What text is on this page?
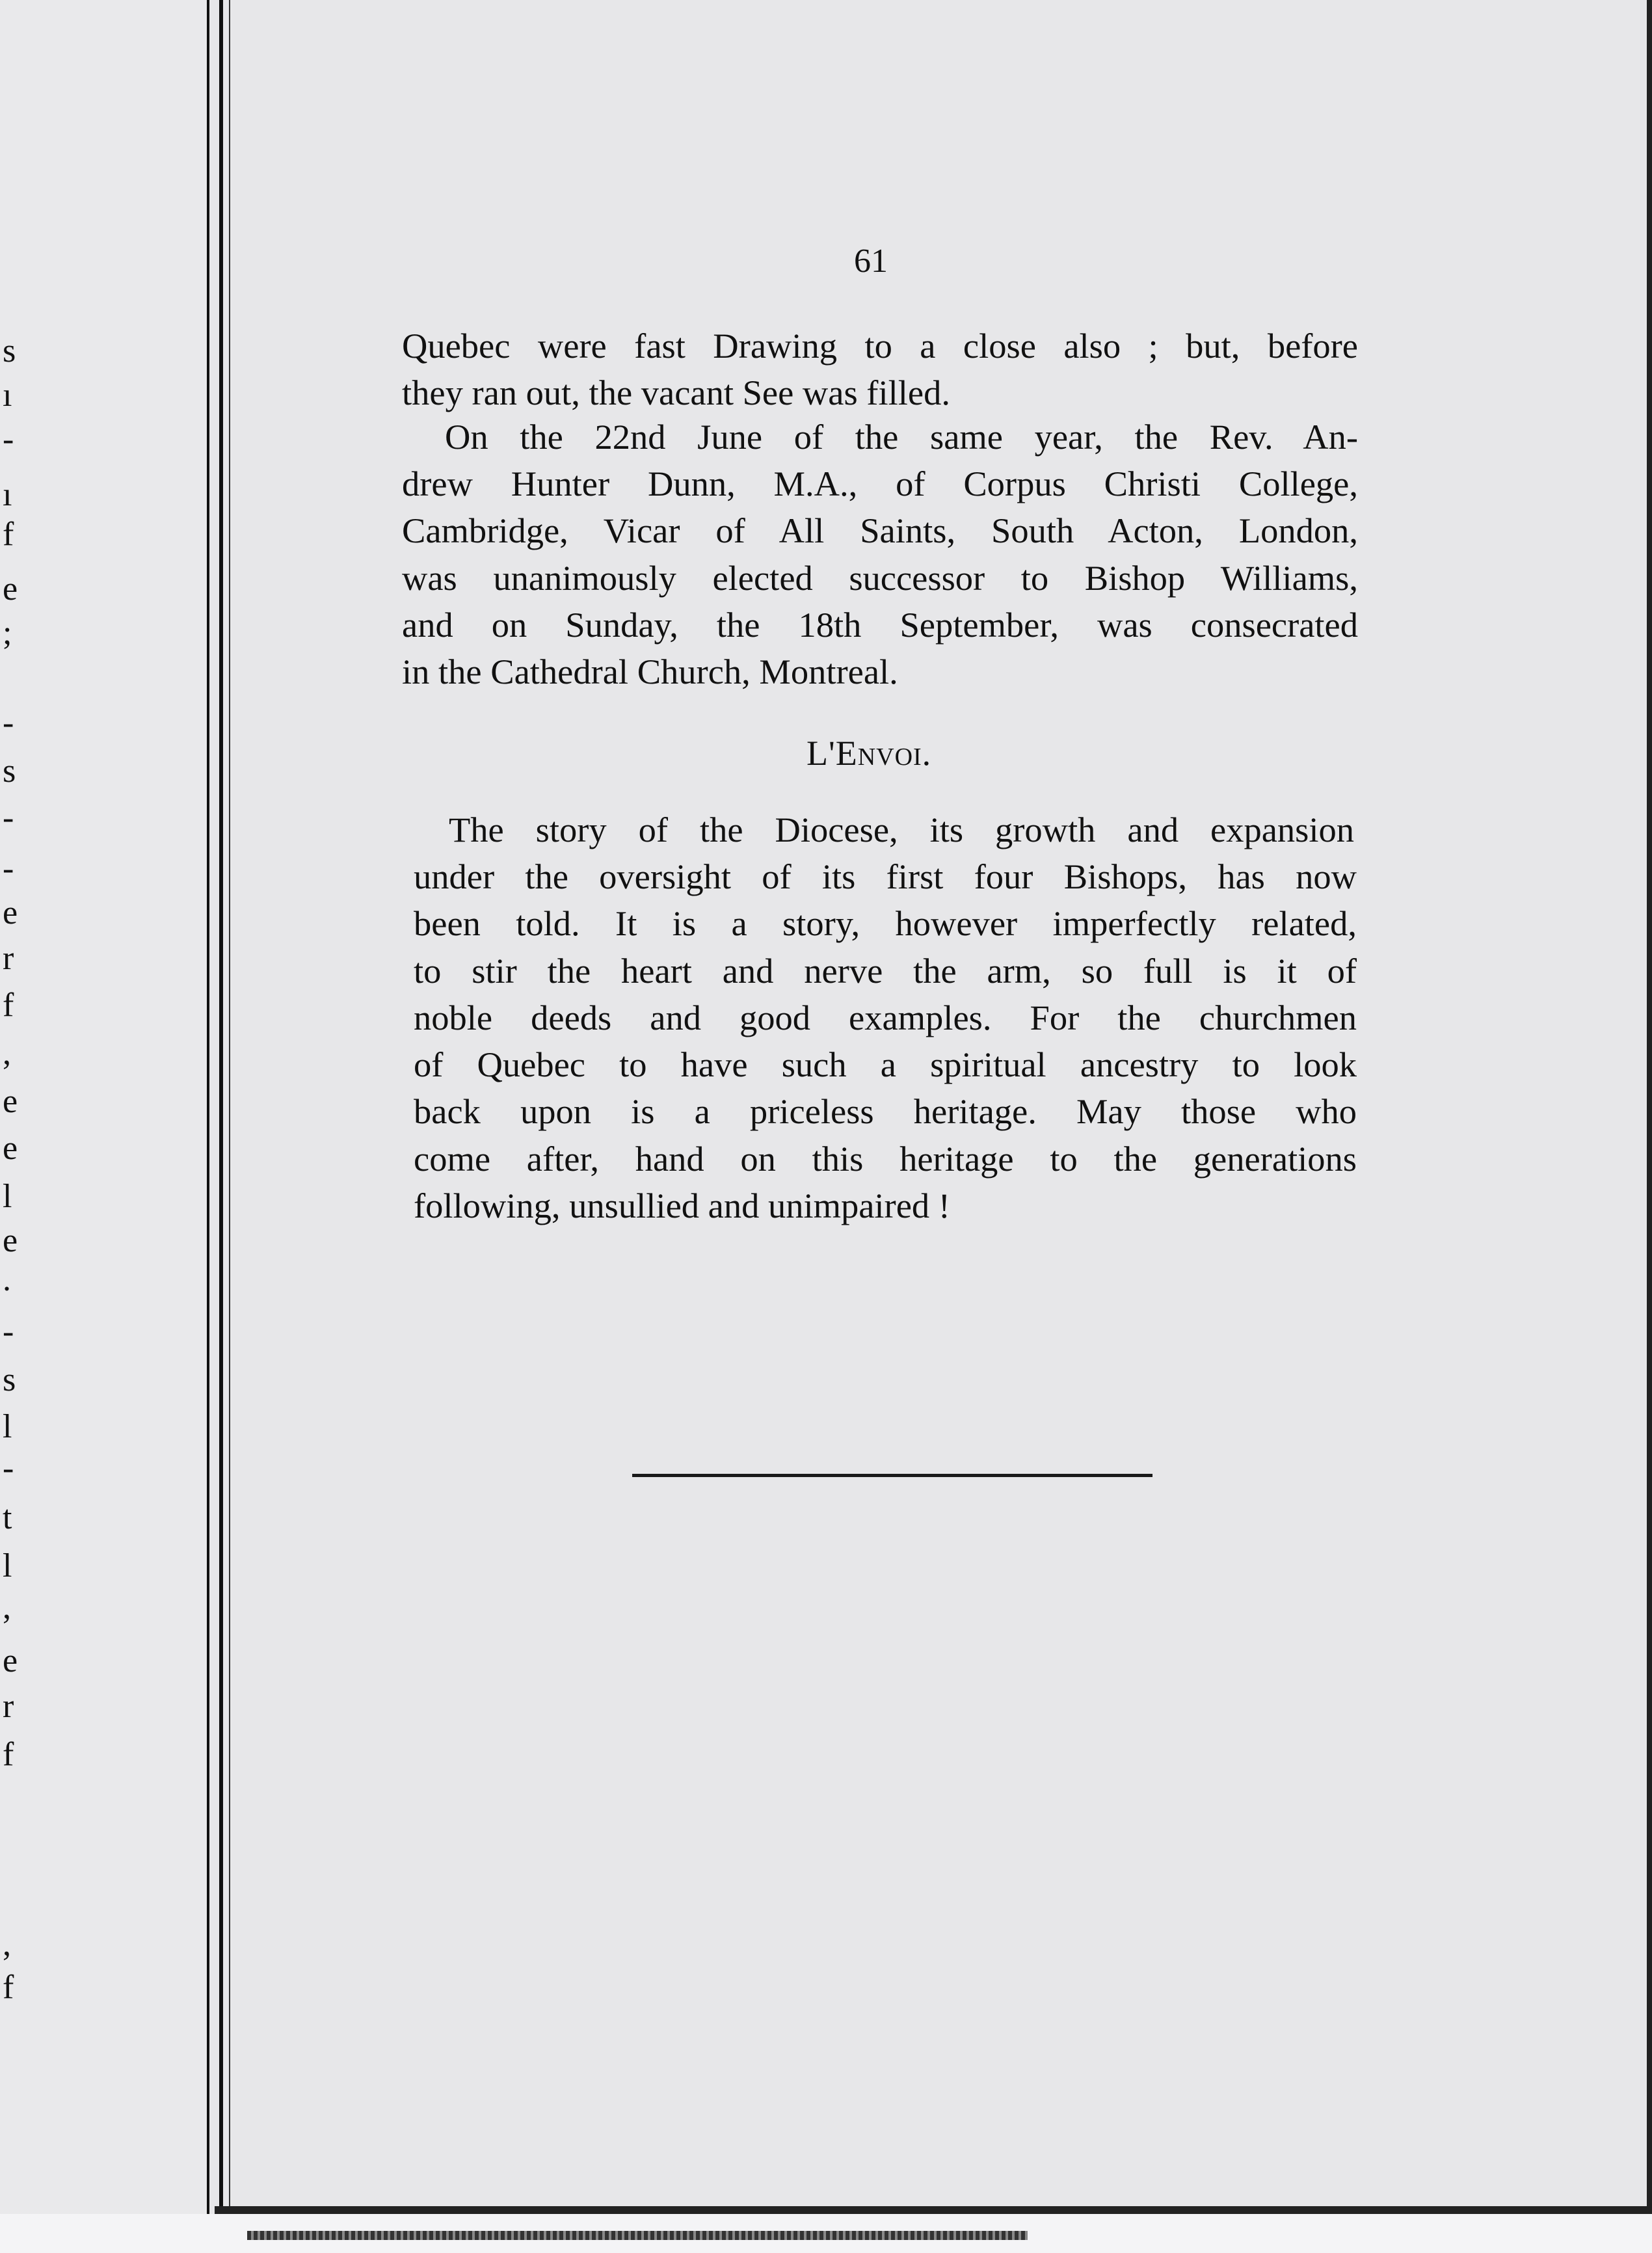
s
ı
-
ı
f
e
;
-
s
-
-
e
r
f
,
e
e
l
e
.
-
s
l
-
t
l
,
e
r
f
,
f
61
Quebec were fast Drawing to a close also ; but, before
they ran out, the vacant See was filled.
On the 22nd June of the same year, the Rev. An-
drew Hunter Dunn, M.A., of Corpus Christi College,
Cambridge, Vicar of All Saints, South Acton, London,
was unanimously elected successor to Bishop Williams,
and on Sunday, the 18th September, was consecrated
in the Cathedral Church, Montreal.
L'Envoi.
The story of the Diocese, its growth and expansion
under the oversight of its first four Bishops, has now
been told. It is a story, however imperfectly related,
to stir the heart and nerve the arm, so full is it of
noble deeds and good examples. For the churchmen
of Quebec to have such a spiritual ancestry to look
back upon is a priceless heritage. May those who
come after, hand on this heritage to the generations
following, unsullied and unimpaired !
